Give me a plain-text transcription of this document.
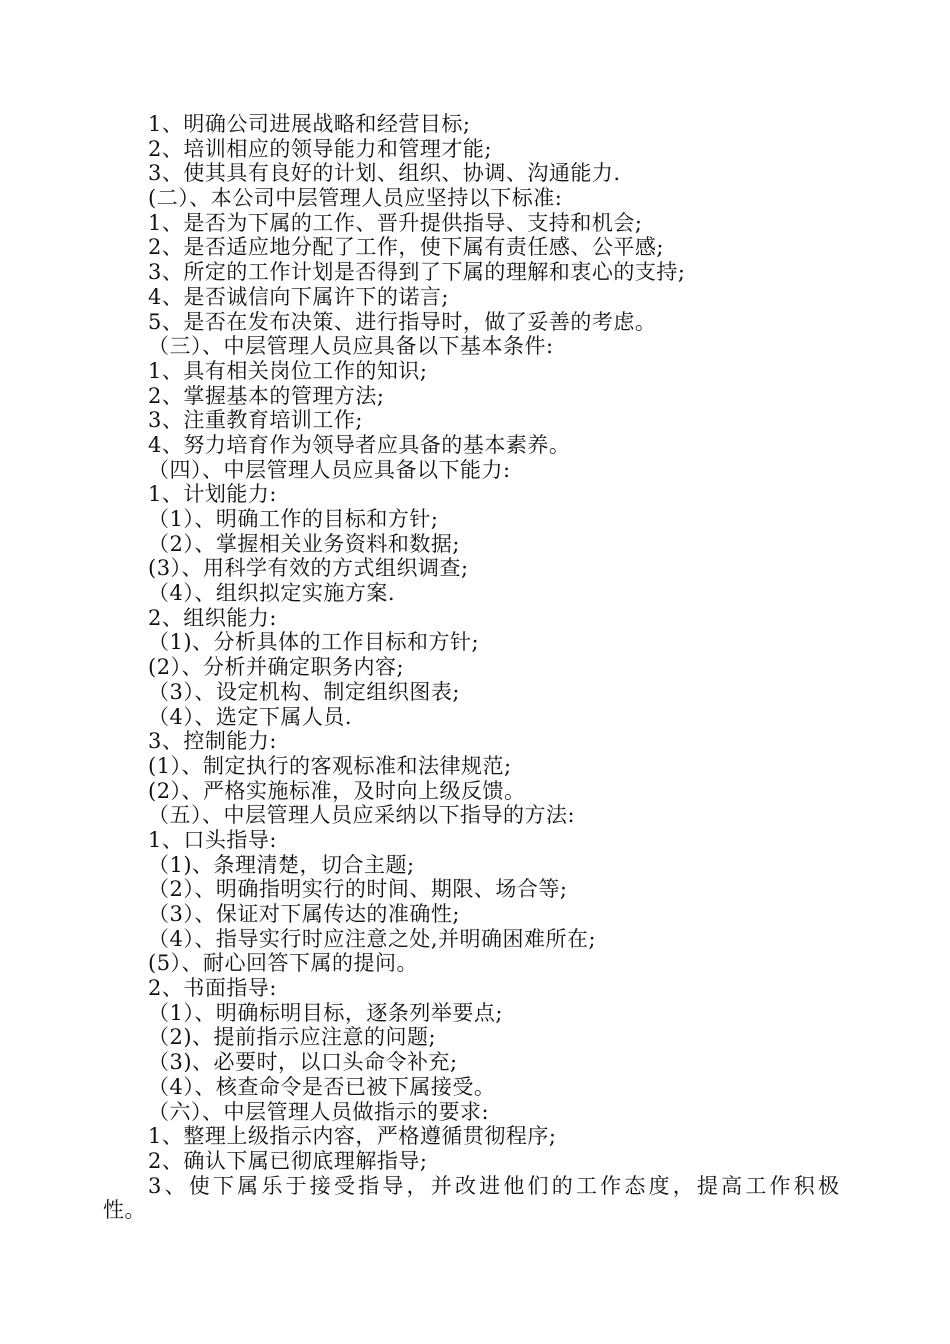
1、明确公司进展战略和经营目标;
2、培训相应的领导能力和管理才能;
3、使其具有良好的计划、组织、协调、沟通能力.
(二）、本公司中层管理人员应坚持以下标准:
1、是否为下属的工作、晋升提供指导、支持和机会;
2、是否适应地分配了工作，使下属有责任感、公平感;
3、所定的工作计划是否得到了下属的理解和衷心的支持;
4、是否诚信向下属许下的诺言;
5、是否在发布决策、进行指导时，做了妥善的考虑。
（三）、中层管理人员应具备以下基本条件:
1、具有相关岗位工作的知识;
2、掌握基本的管理方法;
3、注重教育培训工作;
4、努力培育作为领导者应具备的基本素养。
（四）、中层管理人员应具备以下能力:
1、计划能力:
（1）、明确工作的目标和方针;
（2）、掌握相关业务资料和数据;
(3）、用科学有效的方式组织调查;
（4）、组织拟定实施方案.
2、组织能力:
（1)、分析具体的工作目标和方针;
(2）、分析并确定职务内容;
（3）、设定机构、制定组织图表;
（4）、选定下属人员.
3、控制能力:
(1）、制定执行的客观标准和法律规范;
(2）、严格实施标准，及时向上级反馈。
（五）、中层管理人员应采纳以下指导的方法:
1、口头指导:
（1)、条理清楚，切合主题;
（2）、明确指明实行的时间、期限、场合等;
（3）、保证对下属传达的准确性;
（4）、指导实行时应注意之处,并明确困难所在;
(5）、耐心回答下属的提问。
2、书面指导:
（1）、明确标明目标，逐条列举要点;
（2)、提前指示应注意的问题;
（3)、必要时，以口头命令补充;
（4）、核查命令是否已被下属接受。
（六）、中层管理人员做指示的要求:
1、整理上级指示内容，严格遵循贯彻程序;
2、确认下属已彻底理解指导;
3、使下属乐于接受指导，并改进他们的工作态度，提高工作积极
性。
